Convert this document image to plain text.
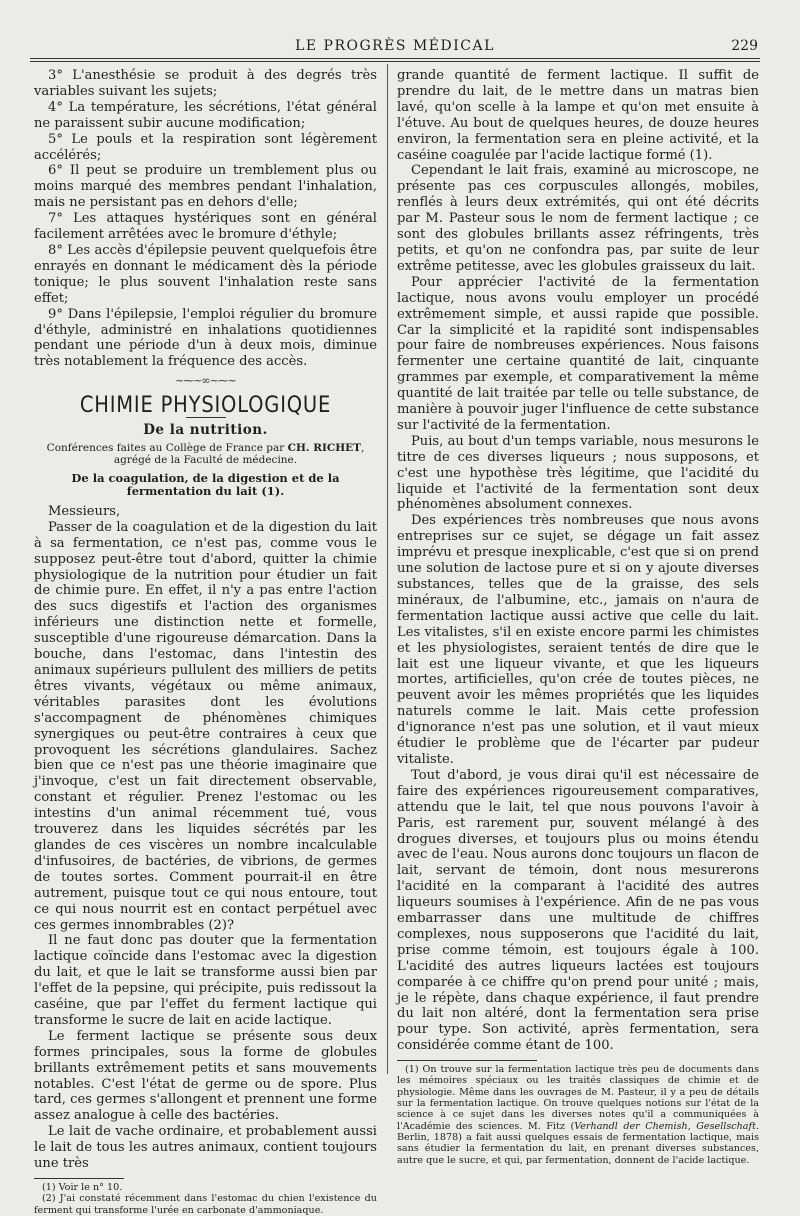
LE PROGRÈS MÉDICAL	229

3° L'anesthésie se produit à des degrés très variables suivant les sujets;

4° La température, les sécrétions, l'état général ne paraissent subir aucune modification;

5° Le pouls et la respiration sont légèrement accélérés;

6° Il peut se produire un tremblement plus ou moins marqué des membres pendant l'inhalation, mais ne persistant pas en dehors d'elle;

7° Les attaques hystériques sont en général facilement arrêtées avec le bromure d'éthyle;

8° Les accès d'épilepsie peuvent quelquefois être enrayés en donnant le médicament dès la période tonique; le plus souvent l'inhalation reste sans effet;

9° Dans l'épilepsie, l'emploi régulier du bromure d'éthyle, administré en inhalations quotidiennes pendant une période d'un à deux mois, diminue très notablement la fréquence des accès.

~⁓~∞~⁓~
CHIMIE PHYSIOLOGIQUE
De la nutrition.
Conférences faites au Collège de France par CH. RICHET, agrégé de la Faculté de médecine.
De la coagulation, de la digestion et de la fermentation du lait (1).

Messieurs,

Passer de la coagulation et de la digestion du lait à sa fermentation, ce n'est pas, comme vous le supposez peut-être tout d'abord, quitter la chimie physiologique de la nutrition pour étudier un fait de chimie pure. En effet, il n'y a pas entre l'action des sucs digestifs et l'action des organismes inférieurs une distinction nette et formelle, susceptible d'une rigoureuse démarcation. Dans la bouche, dans l'estomac, dans l'intestin des animaux supérieurs pullulent des milliers de petits êtres vivants, végétaux ou même animaux, véritables parasites dont les évolutions s'accompagnent de phénomènes chimiques synergiques ou peut-être contraires à ceux que provoquent les sécrétions glandulaires. Sachez bien que ce n'est pas une théorie imaginaire que j'invoque, c'est un fait directement observable, constant et régulier. Prenez l'estomac ou les intestins d'un animal récemment tué, vous trouverez dans les liquides sécrétés par les glandes de ces viscères un nombre incalculable d'infusoires, de bactéries, de vibrions, de germes de toutes sortes. Comment pourrait-il en être autrement, puisque tout ce qui nous entoure, tout ce qui nous nourrit est en contact perpétuel avec ces germes innombrables (2)?

Il ne faut donc pas douter que la fermentation lactique coïncide dans l'estomac avec la digestion du lait, et que le lait se transforme aussi bien par l'effet de la pepsine, qui précipite, puis redissout la caséine, que par l'effet du ferment lactique qui transforme le sucre de lait en acide lactique.

Le ferment lactique se présente sous deux formes principales, sous la forme de globules brillants extrêmement petits et sans mouvements notables. C'est l'état de germe ou de spore. Plus tard, ces germes s'allongent et prennent une forme assez analogue à celle des bactéries.

Le lait de vache ordinaire, et probablement aussi le lait de tous les autres animaux, contient toujours une très

(1) Voir le n° 10.

(2) J'ai constaté récemment dans l'estomac du chien l'existence du ferment qui transforme l'urée en carbonate d'ammoniaque.

grande quantité de ferment lactique. Il suffit de prendre du lait, de le mettre dans un matras bien lavé, qu'on scelle à la lampe et qu'on met ensuite à l'étuve. Au bout de quelques heures, de douze heures environ, la fermentation sera en pleine activité, et la caséine coagulée par l'acide lactique formé (1).

Cependant le lait frais, examiné au microscope, ne présente pas ces corpuscules allongés, mobiles, renflés à leurs deux extrémités, qui ont été décrits par M. Pasteur sous le nom de ferment lactique ; ce sont des globules brillants assez réfringents, très petits, et qu'on ne confondra pas, par suite de leur extrême petitesse, avec les globules graisseux du lait.

Pour apprécier l'activité de la fermentation lactique, nous avons voulu employer un procédé extrêmement simple, et aussi rapide que possible. Car la simplicité et la rapidité sont indispensables pour faire de nombreuses expériences. Nous faisons fermenter une certaine quantité de lait, cinquante grammes par exemple, et comparativement la même quantité de lait traitée par telle ou telle substance, de manière à pouvoir juger l'influence de cette substance sur l'activité de la fermentation.

Puis, au bout d'un temps variable, nous mesurons le titre de ces diverses liqueurs ; nous supposons, et c'est une hypothèse très légitime, que l'acidité du liquide et l'activité de la fermentation sont deux phénomènes absolument connexes.

Des expériences très nombreuses que nous avons entreprises sur ce sujet, se dégage un fait assez imprévu et presque inexplicable, c'est que si on prend une solution de lactose pure et si on y ajoute diverses substances, telles que de la graisse, des sels minéraux, de l'albumine, etc., jamais on n'aura de fermentation lactique aussi active que celle du lait. Les vitalistes, s'il en existe encore parmi les chimistes et les physiologistes, seraient tentés de dire que le lait est une liqueur vivante, et que les liqueurs mortes, artificielles, qu'on crée de toutes pièces, ne peuvent avoir les mêmes propriétés que les liquides naturels comme le lait. Mais cette profession d'ignorance n'est pas une solution, et il vaut mieux étudier le problème que de l'écarter par pudeur vitaliste.

Tout d'abord, je vous dirai qu'il est nécessaire de faire des expériences rigoureusement comparatives, attendu que le lait, tel que nous pouvons l'avoir à Paris, est rarement pur, souvent mélangé à des drogues diverses, et toujours plus ou moins étendu avec de l'eau. Nous aurons donc toujours un flacon de lait, servant de témoin, dont nous mesurerons l'acidité en la comparant à l'acidité des autres liqueurs soumises à l'expérience. Afin de ne pas vous embarrasser dans une multitude de chiffres complexes, nous supposerons que l'acidité du lait, prise comme témoin, est toujours égale à 100. L'acidité des autres liqueurs lactées est toujours comparée à ce chiffre qu'on prend pour unité ; mais, je le répète, dans chaque expérience, il faut prendre du lait non altéré, dont la fermentation sera prise pour type. Son activité, après fermentation, sera considérée comme étant de 100.

(1) On trouve sur la fermentation lactique très peu de documents dans les mémoires spéciaux ou les traités classiques de chimie et de physiologie. Même dans les ouvrages de M. Pasteur, il y a peu de détails sur la fermentation lactique. On trouve quelques notions sur l'état de la science à ce sujet dans les diverses notes qu'il a communiquées à l'Académie des sciences. M. Fitz (Verhandl der Chemish, Gesellschaft. Berlin, 1878) a fait aussi quelques essais de fermentation lactique, mais sans étudier la fermentation du lait, en prenant diverses substances, autre que le sucre, et qui, par fermentation, donnent de l'acide lactique.
